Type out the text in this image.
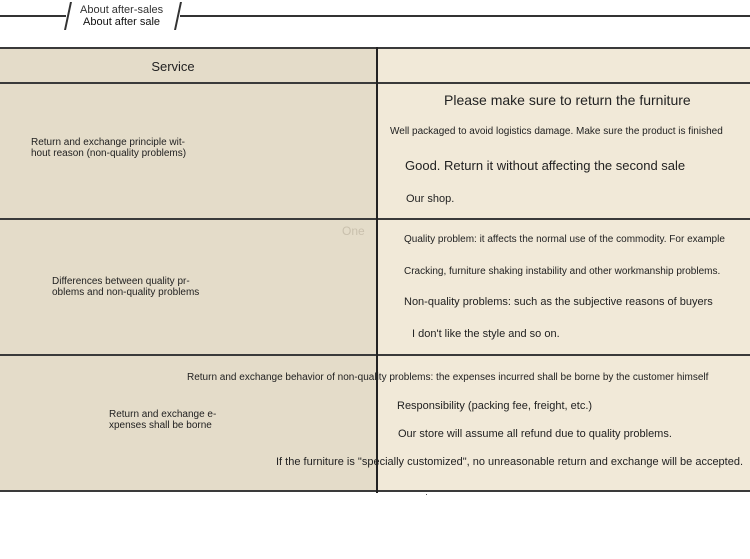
About after-sales
About after sale
Service
Return and exchange principle wit-
hout reason (non-quality problems)
Please make sure to return the furniture
Well packaged to avoid logistics damage. Make sure the product is finished
Good. Return it without affecting the second sale
Our shop.
Differences between quality pr-
oblems and non-quality problems
Quality problem: it affects the normal use of the commodity. For example
Cracking, furniture shaking instability and other workmanship problems.
Non-quality problems: such as the subjective reasons of buyers
I don't like the style and so on.
Return and exchange e-
xpenses shall be borne
Responsibility (packing fee, freight, etc.)
Our store will assume all refund due to quality problems.
Return and exchange behavior of non-quality problems: the expenses incurred shall be borne by the customer himself
If the furniture is "specially customized", no unreasonable return and exchange will be accepted.
One
